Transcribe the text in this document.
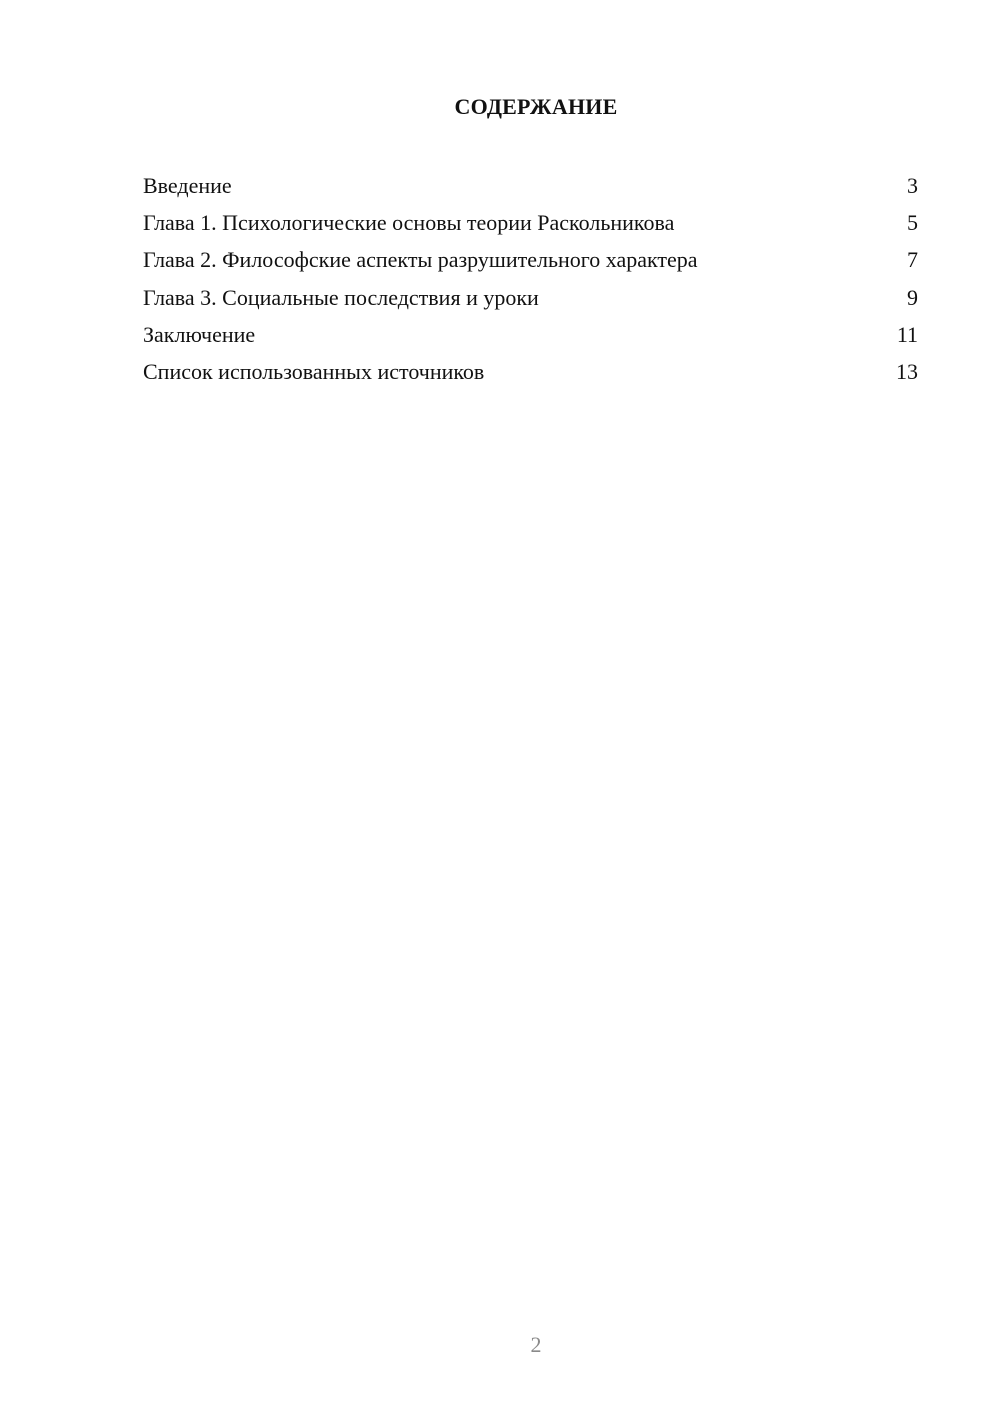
СОДЕРЖАНИЕ
Введение	3
Глава 1. Психологические основы теории Раскольникова	5
Глава 2. Философские аспекты разрушительного характера	7
Глава 3. Социальные последствия и уроки	9
Заключение	11
Список использованных источников	13
2
